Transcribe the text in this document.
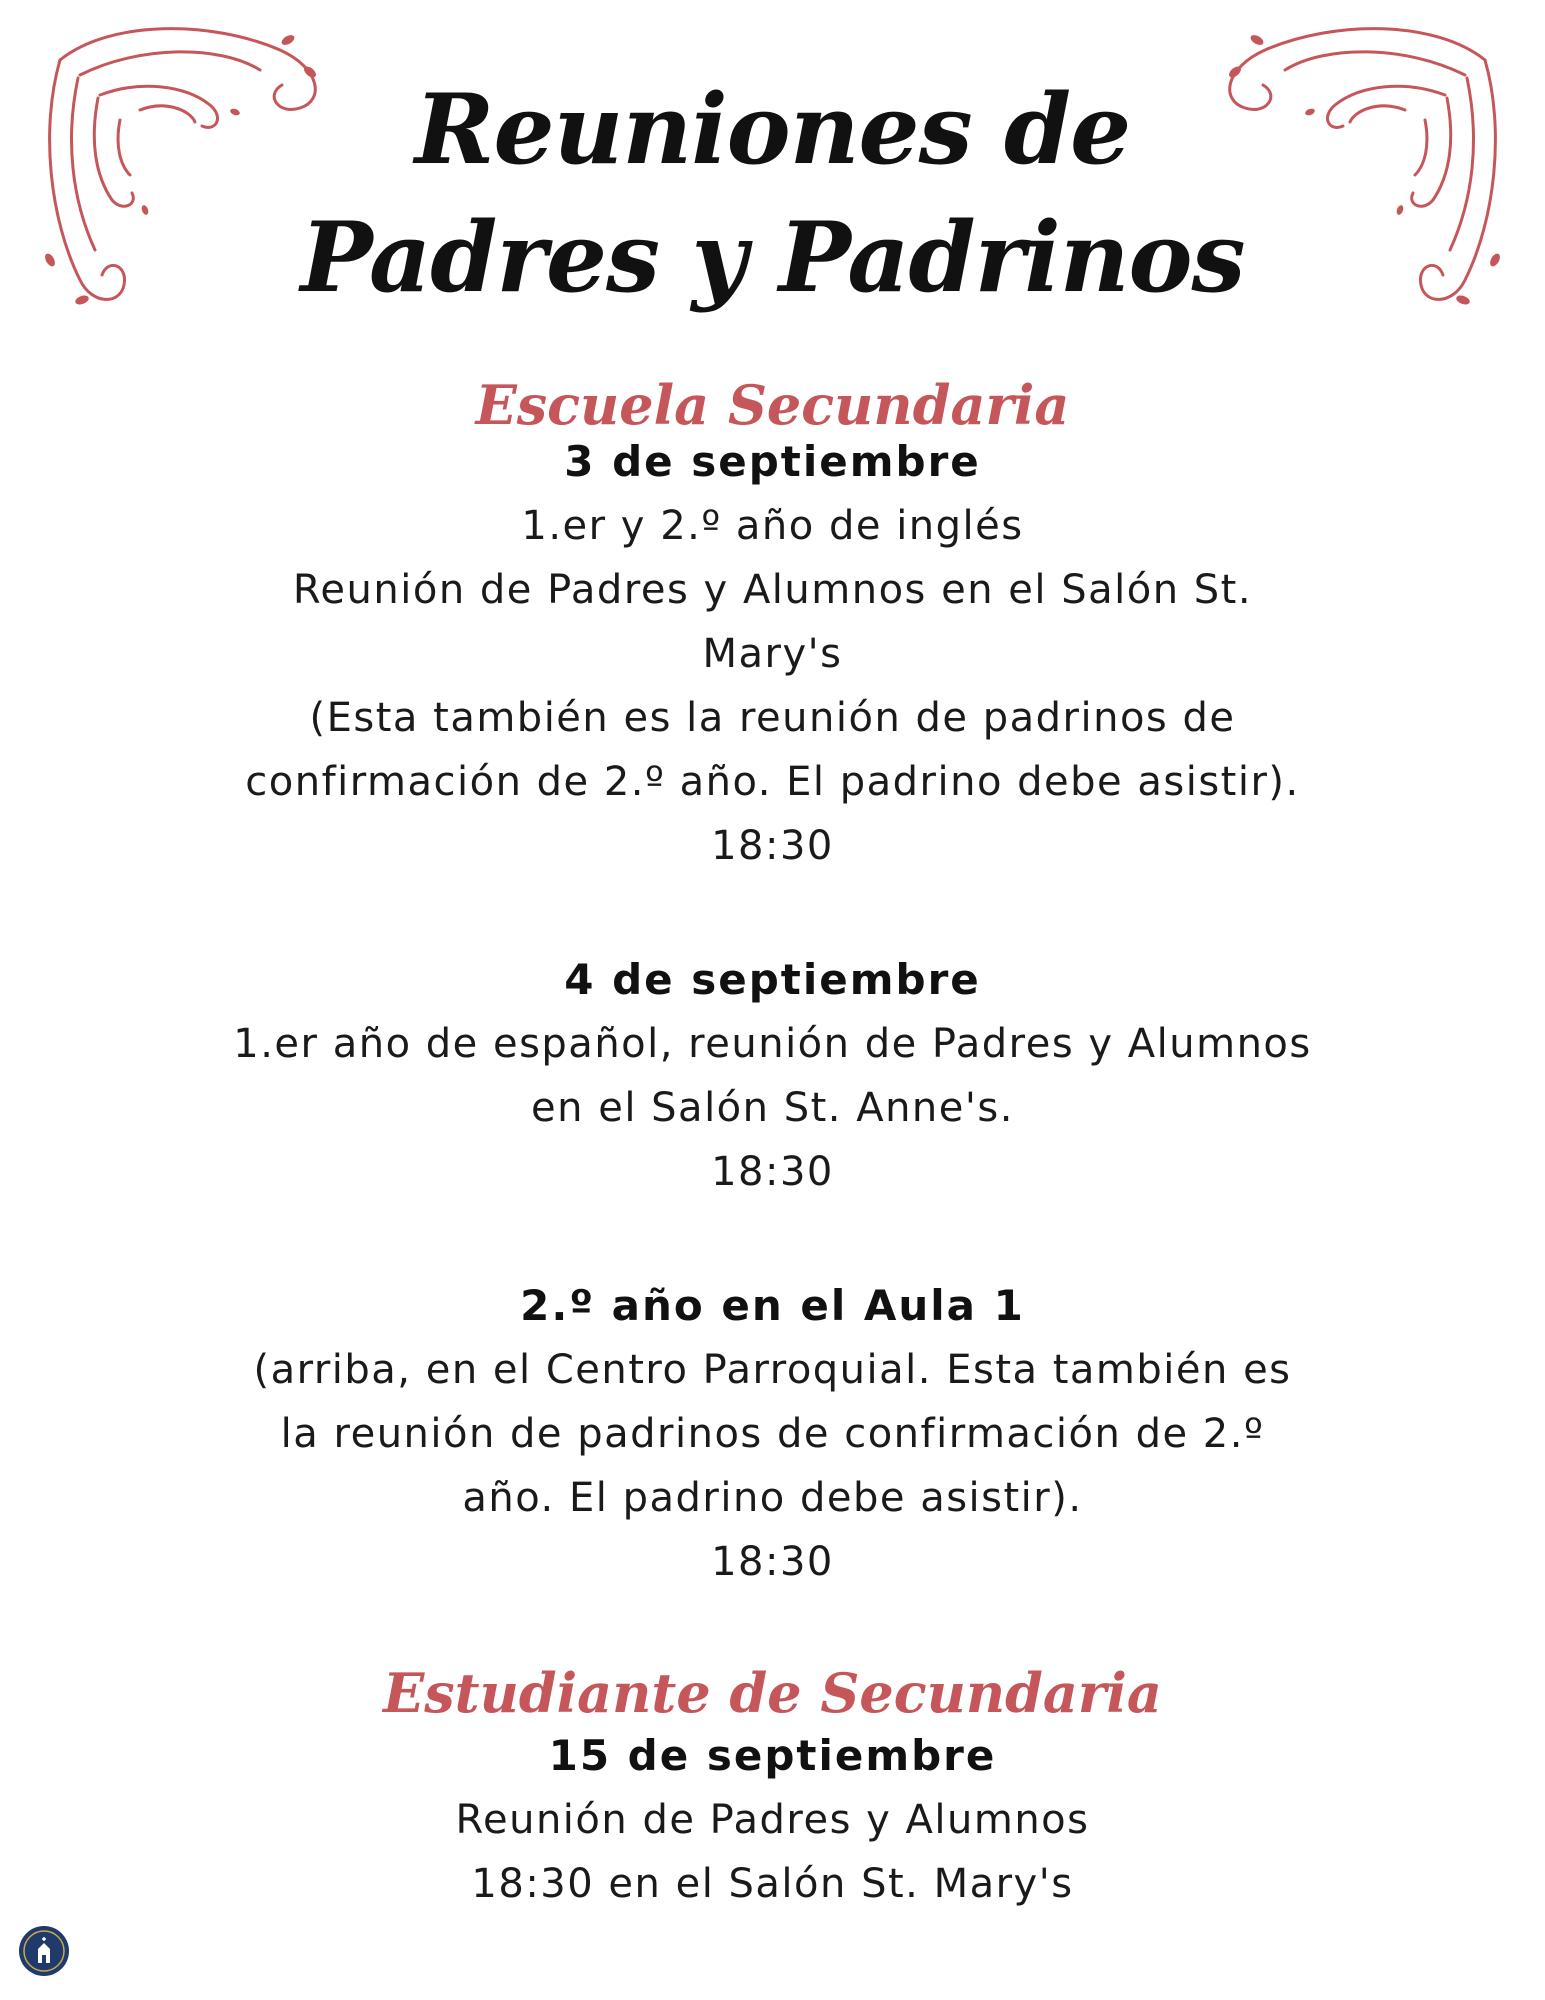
Reuniones de
Padres y Padrinos
Escuela Secundaria
3 de septiembre
1.er y 2.º año de inglés
Reunión de Padres y Alumnos en el Salón St.
Mary's
(Esta también es la reunión de padrinos de
confirmación de 2.º año. El padrino debe asistir).
18:30
4 de septiembre
1.er año de español, reunión de Padres y Alumnos
en el Salón St. Anne's.
18:30
2.º año en el Aula 1
(arriba, en el Centro Parroquial. Esta también es
la reunión de padrinos de confirmación de 2.º
año. El padrino debe asistir).
18:30
Estudiante de Secundaria
15 de septiembre
Reunión de Padres y Alumnos
18:30 en el Salón St. Mary's
